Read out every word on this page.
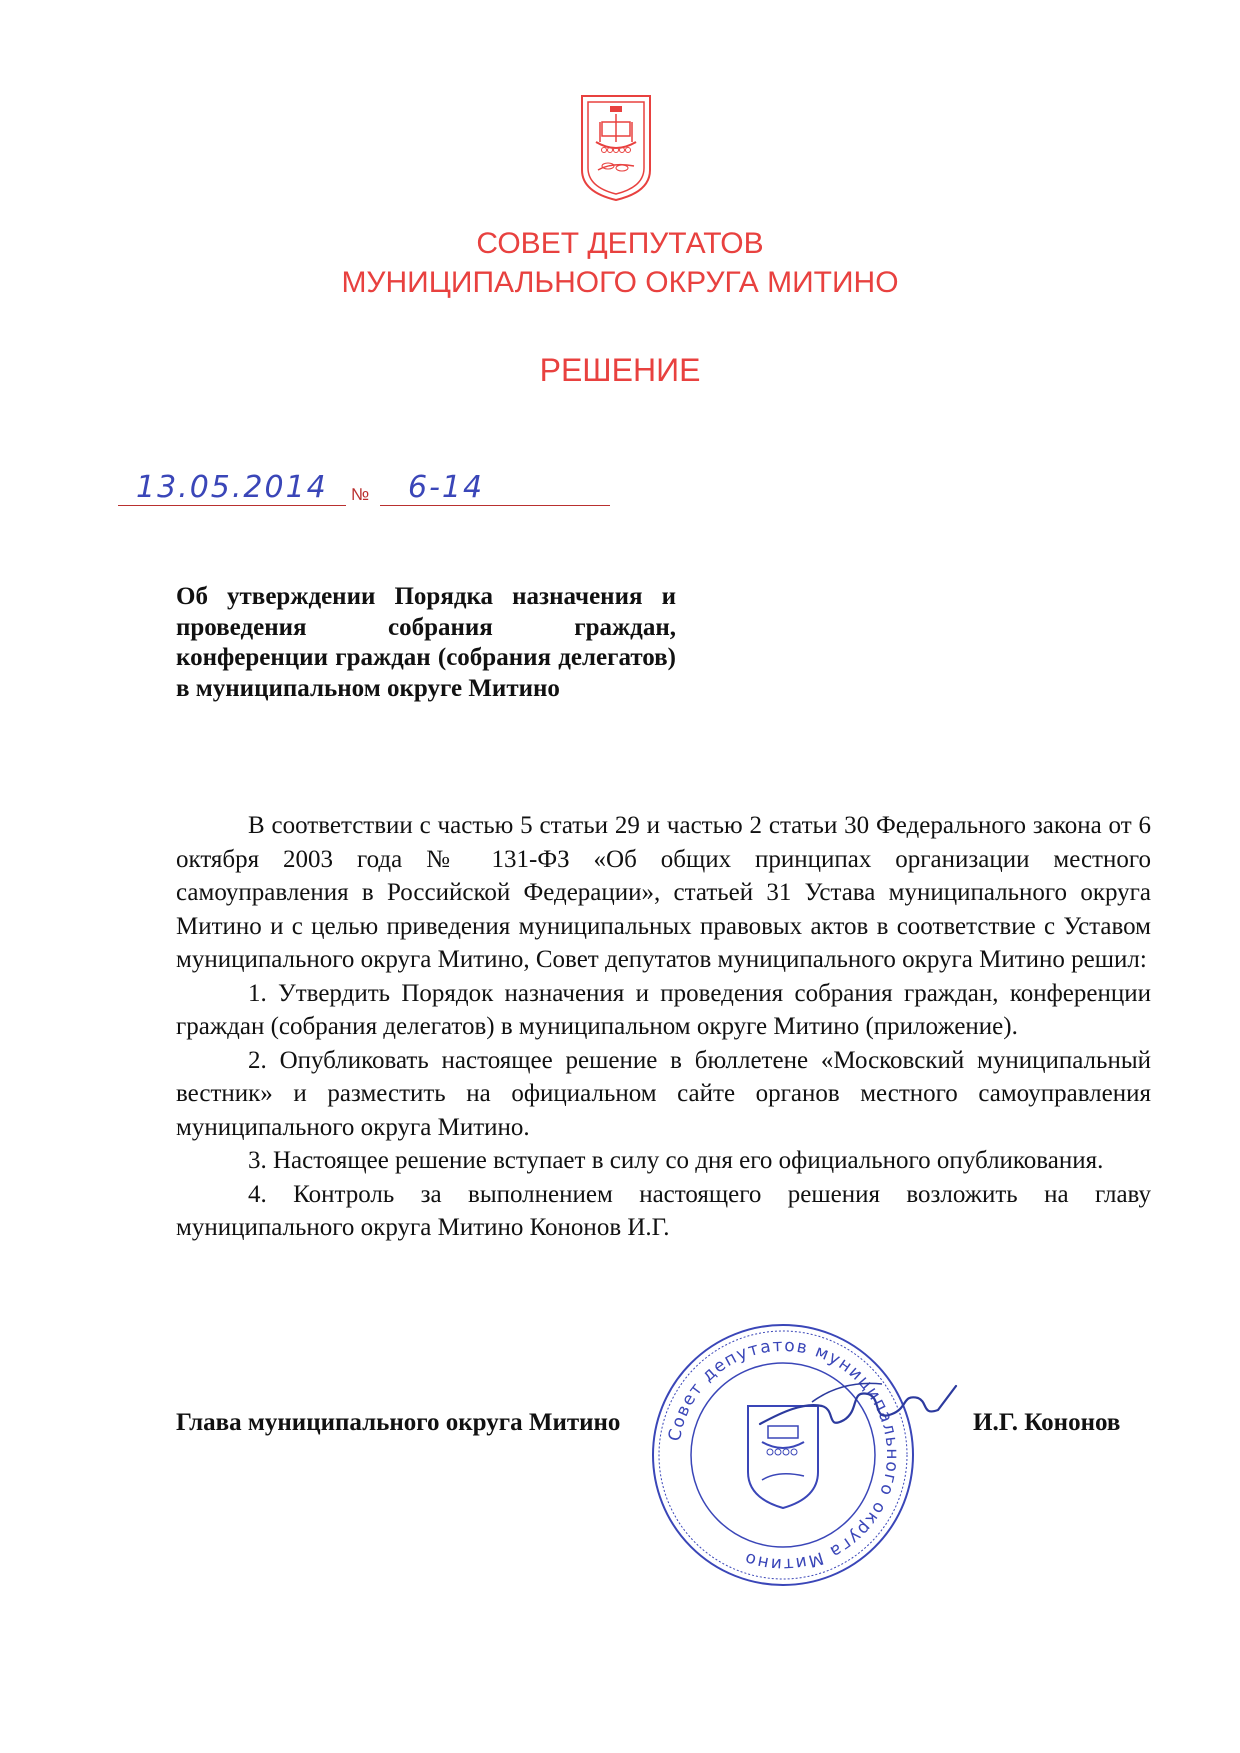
СОВЕТ ДЕПУТАТОВ
МУНИЦИПАЛЬНОГО ОКРУГА МИТИНО
РЕШЕНИЕ
13.05.2014 № 6-14
Об утверждении Порядка назначения и проведения собрания граждан, конференции граждан (собрания делегатов) в муниципальном округе Митино

В соответствии с частью 5 статьи 29 и частью 2 статьи 30 Федерального закона от 6 октября 2003 года № 131-ФЗ «Об общих принципах организации местного самоуправления в Российской Федерации», статьей 31 Устава муниципального округа Митино и с целью приведения муниципальных правовых актов в соответствие с Уставом муниципального округа Митино, Совет депутатов муниципального округа Митино решил:

1. Утвердить Порядок назначения и проведения собрания граждан, конференции граждан (собрания делегатов) в муниципальном округе Митино (приложение).

2. Опубликовать настоящее решение в бюллетене «Московский муниципальный вестник» и разместить на официальном сайте органов местного самоуправления муниципального округа Митино.

3. Настоящее решение вступает в силу со дня его официального опубликования.

4. Контроль за выполнением настоящего решения возложить на главу муниципального округа Митино Кононов И.Г.

Совет депутатов муниципального округа Митино
Глава муниципального округа Митино	И.Г. Кононов
